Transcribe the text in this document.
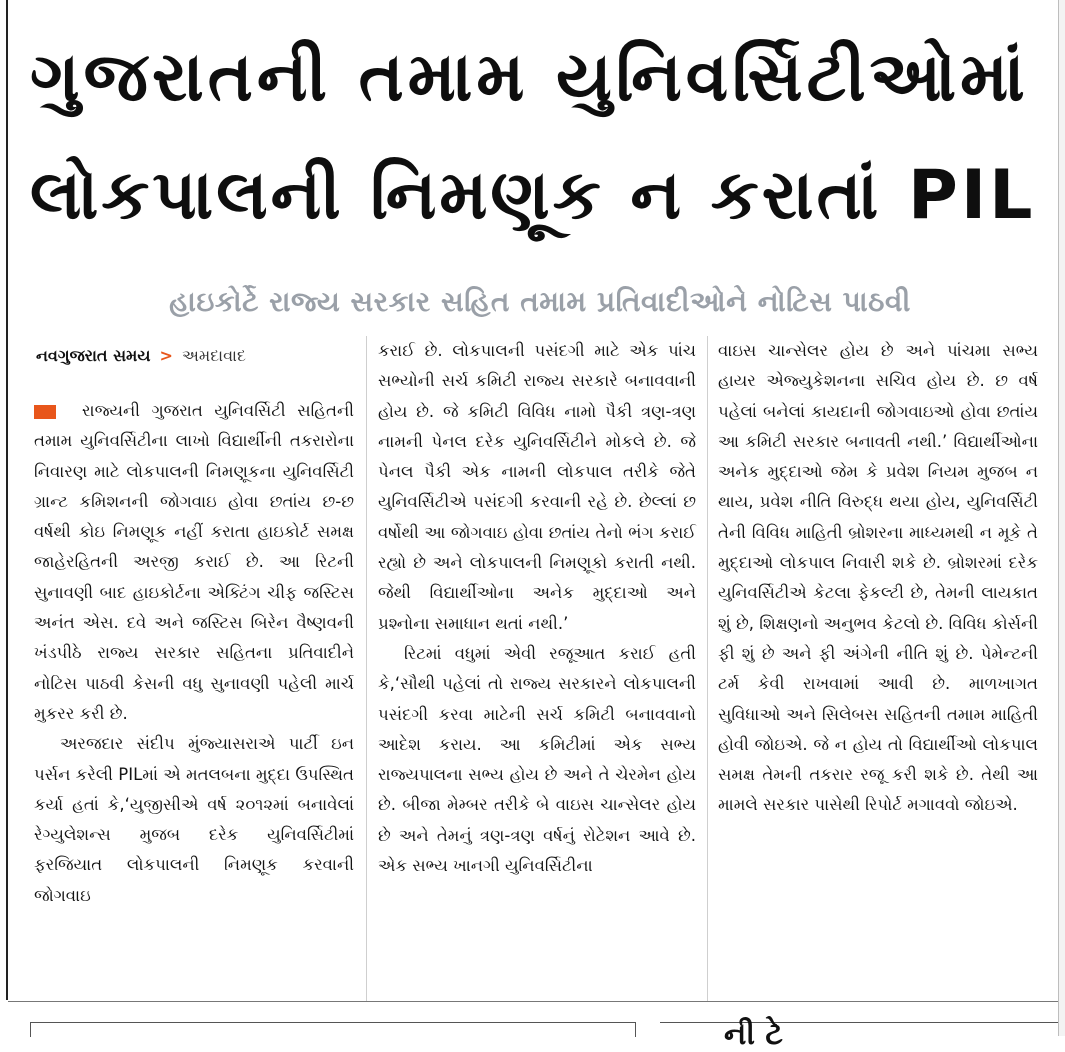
ગુજરાતની તમામ યુનિવર્સિટીઓમાં
લોકપાલની નિમણૂક ન કરાતાં PIL
હાઇકોર્ટે રાજ્ય સરકાર સહિત તમામ પ્રતિવાદીઓને નોટિસ પાઠવી
નવગુજરાત સમય > અમદાવાદ

રાજ્યની ગુજરાત યુનિવર્સિટી સહિતની તમામ યુનિવર્સિટીના લાખો વિદ્યાર્થીની તકરારોના નિવારણ માટે લોકપાલની નિમણૂકના યુનિવર્સિટી ગ્રાન્ટ કમિશનની જોગવાઇ હોવા છતાંય છ-છ વર્ષથી કોઇ નિમણૂક નહીં કરાતા હાઇકોર્ટ સમક્ષ જાહેરહિતની અરજી કરાઈ છે. આ રિટની સુનાવણી બાદ હાઇકોર્ટના એક્ટિંગ ચીફ જસ્ટિસ અનંત એસ. દવે અને જસ્ટિસ બિરેન વૈષ્ણવની ખંડપીઠે રાજ્ય સરકાર સહિતના પ્રતિવાદીને નોટિસ પાઠવી કેસની વધુ સુનાવણી પહેલી માર્ચ મુકરર કરી છે.

અરજદાર સંદીપ મુંજ્યાસરાએ પાર્ટી ઇન પર્સન કરેલી PILમાં એ મતલબના મુદ્દા ઉપસ્થિત કર્યા હતાં કે,‘યુજીસીએ વર્ષ ૨૦૧૨માં બનાવેલાં રેગ્યુલેશન્સ મુજબ દરેક યુનિવર્સિટીમાં ફરજિયાત લોકપાલની નિમણૂક કરવાની જોગવાઇ

કરાઈ છે. લોકપાલની પસંદગી માટે એક પાંચ સભ્યોની સર્ચ કમિટી રાજ્ય સરકારે બનાવવાની હોય છે. જે કમિટી વિવિધ નામો પૈકી ત્રણ-ત્રણ નામની પેનલ દરેક યુનિવર્સિટીને મોકલે છે. જે પેનલ પૈકી એક નામની લોકપાલ તરીકે જેતે યુનિવર્સિટીએ પસંદગી કરવાની રહે છે. છેલ્લાં છ વર્ષોથી આ જોગવાઇ હોવા છતાંય તેનો ભંગ કરાઈ રહ્યો છે અને લોકપાલની નિમણૂકો કરાતી નથી. જેથી વિદ્યાર્થીઓના અનેક મુદ્દાઓ અને પ્રશ્નોના સમાધાન થતાં નથી.’

રિટમાં વધુમાં એવી રજૂઆત કરાઈ હતી કે,‘સૌથી પહેલાં તો રાજ્ય સરકારને લોકપાલની પસંદગી કરવા માટેની સર્ચ કમિટી બનાવવાનો આદેશ કરાય. આ કમિટીમાં એક સભ્ય રાજ્યપાલના સભ્ય હોય છે અને તે ચેરમેન હોય છે. બીજા મેમ્બર તરીકે બે વાઇસ ચાન્સેલર હોય છે અને તેમનું ત્રણ-ત્રણ વર્ષનું રોટેશન આવે છે. એક સભ્ય ખાનગી યુનિવર્સિટીના

વાઇસ ચાન્સેલર હોય છે અને પાંચમા સભ્ય હાયર એજ્યુકેશનના સચિવ હોય છે. છ વર્ષ પહેલાં બનેલાં કાયદાની જોગવાઇઓ હોવા છતાંય આ કમિટી સરકાર બનાવતી નથી.’ વિદ્યાર્થીઓના અનેક મુદ્દાઓ જેમ કે પ્રવેશ નિયમ મુજબ ન થાય, પ્રવેશ નીતિ વિરુદ્ધ થયા હોય, યુનિવર્સિટી તેની વિવિધ માહિતી બ્રોશરના માધ્યમથી ન મૂકે તે મુદ્દાઓ લોકપાલ નિવારી શકે છે. બ્રોશરમાં દરેક યુનિવર્સિટીએ કેટલા ફેકલ્ટી છે, તેમની લાયકાત શું છે, શિક્ષણનો અનુભવ કેટલો છે. વિવિધ કોર્સની ફી શું છે અને ફી અંગેની નીતિ શું છે. પેમેન્ટની ટર્મ કેવી રાખવામાં આવી છે. માળખાગત સુવિધાઓ અને સિલેબસ સહિતની તમામ માહિતી હોવી જોઇએ. જે ન હોય તો વિદ્યાર્થીઓ લોકપાલ સમક્ષ તેમની તકરાર રજૂ કરી શકે છે. તેથી આ મામલે સરકાર પાસેથી રિપોર્ટ મગાવવો જોઇએ.

ની ટે
